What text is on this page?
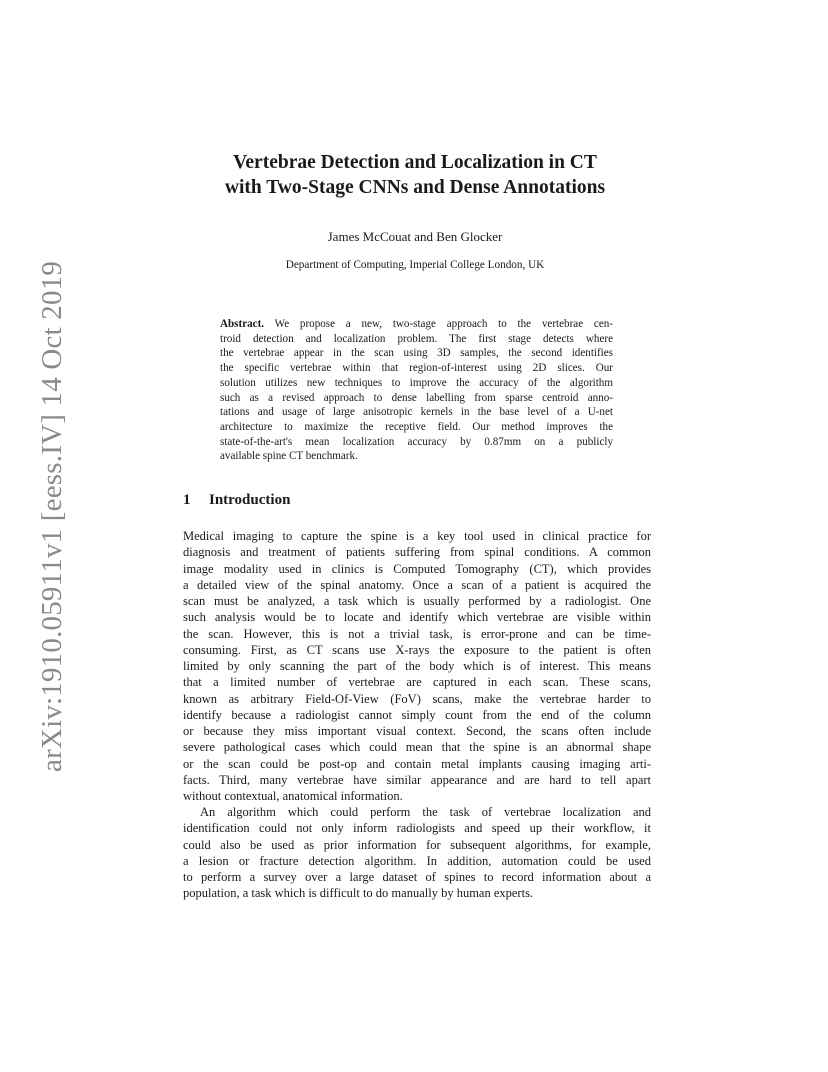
arXiv:1910.05911v1 [eess.IV] 14 Oct 2019
Vertebrae Detection and Localization in CT
with Two-Stage CNNs and Dense Annotations
James McCouat and Ben Glocker
Department of Computing, Imperial College London, UK
Abstract. We propose a new, two-stage approach to the vertebrae cen-
troid detection and localization problem. The first stage detects where
the vertebrae appear in the scan using 3D samples, the second identifies
the specific vertebrae within that region-of-interest using 2D slices. Our
solution utilizes new techniques to improve the accuracy of the algorithm
such as a revised approach to dense labelling from sparse centroid anno-
tations and usage of large anisotropic kernels in the base level of a U-net
architecture to maximize the receptive field. Our method improves the
state-of-the-art's mean localization accuracy by 0.87mm on a publicly
available spine CT benchmark.
1 Introduction
Medical imaging to capture the spine is a key tool used in clinical practice for
diagnosis and treatment of patients suffering from spinal conditions. A common
image modality used in clinics is Computed Tomography (CT), which provides
a detailed view of the spinal anatomy. Once a scan of a patient is acquired the
scan must be analyzed, a task which is usually performed by a radiologist. One
such analysis would be to locate and identify which vertebrae are visible within
the scan. However, this is not a trivial task, is error-prone and can be time-
consuming. First, as CT scans use X-rays the exposure to the patient is often
limited by only scanning the part of the body which is of interest. This means
that a limited number of vertebrae are captured in each scan. These scans,
known as arbitrary Field-Of-View (FoV) scans, make the vertebrae harder to
identify because a radiologist cannot simply count from the end of the column
or because they miss important visual context. Second, the scans often include
severe pathological cases which could mean that the spine is an abnormal shape
or the scan could be post-op and contain metal implants causing imaging arti-
facts. Third, many vertebrae have similar appearance and are hard to tell apart
without contextual, anatomical information.
An algorithm which could perform the task of vertebrae localization and
identification could not only inform radiologists and speed up their workflow, it
could also be used as prior information for subsequent algorithms, for example,
a lesion or fracture detection algorithm. In addition, automation could be used
to perform a survey over a large dataset of spines to record information about a
population, a task which is difficult to do manually by human experts.
